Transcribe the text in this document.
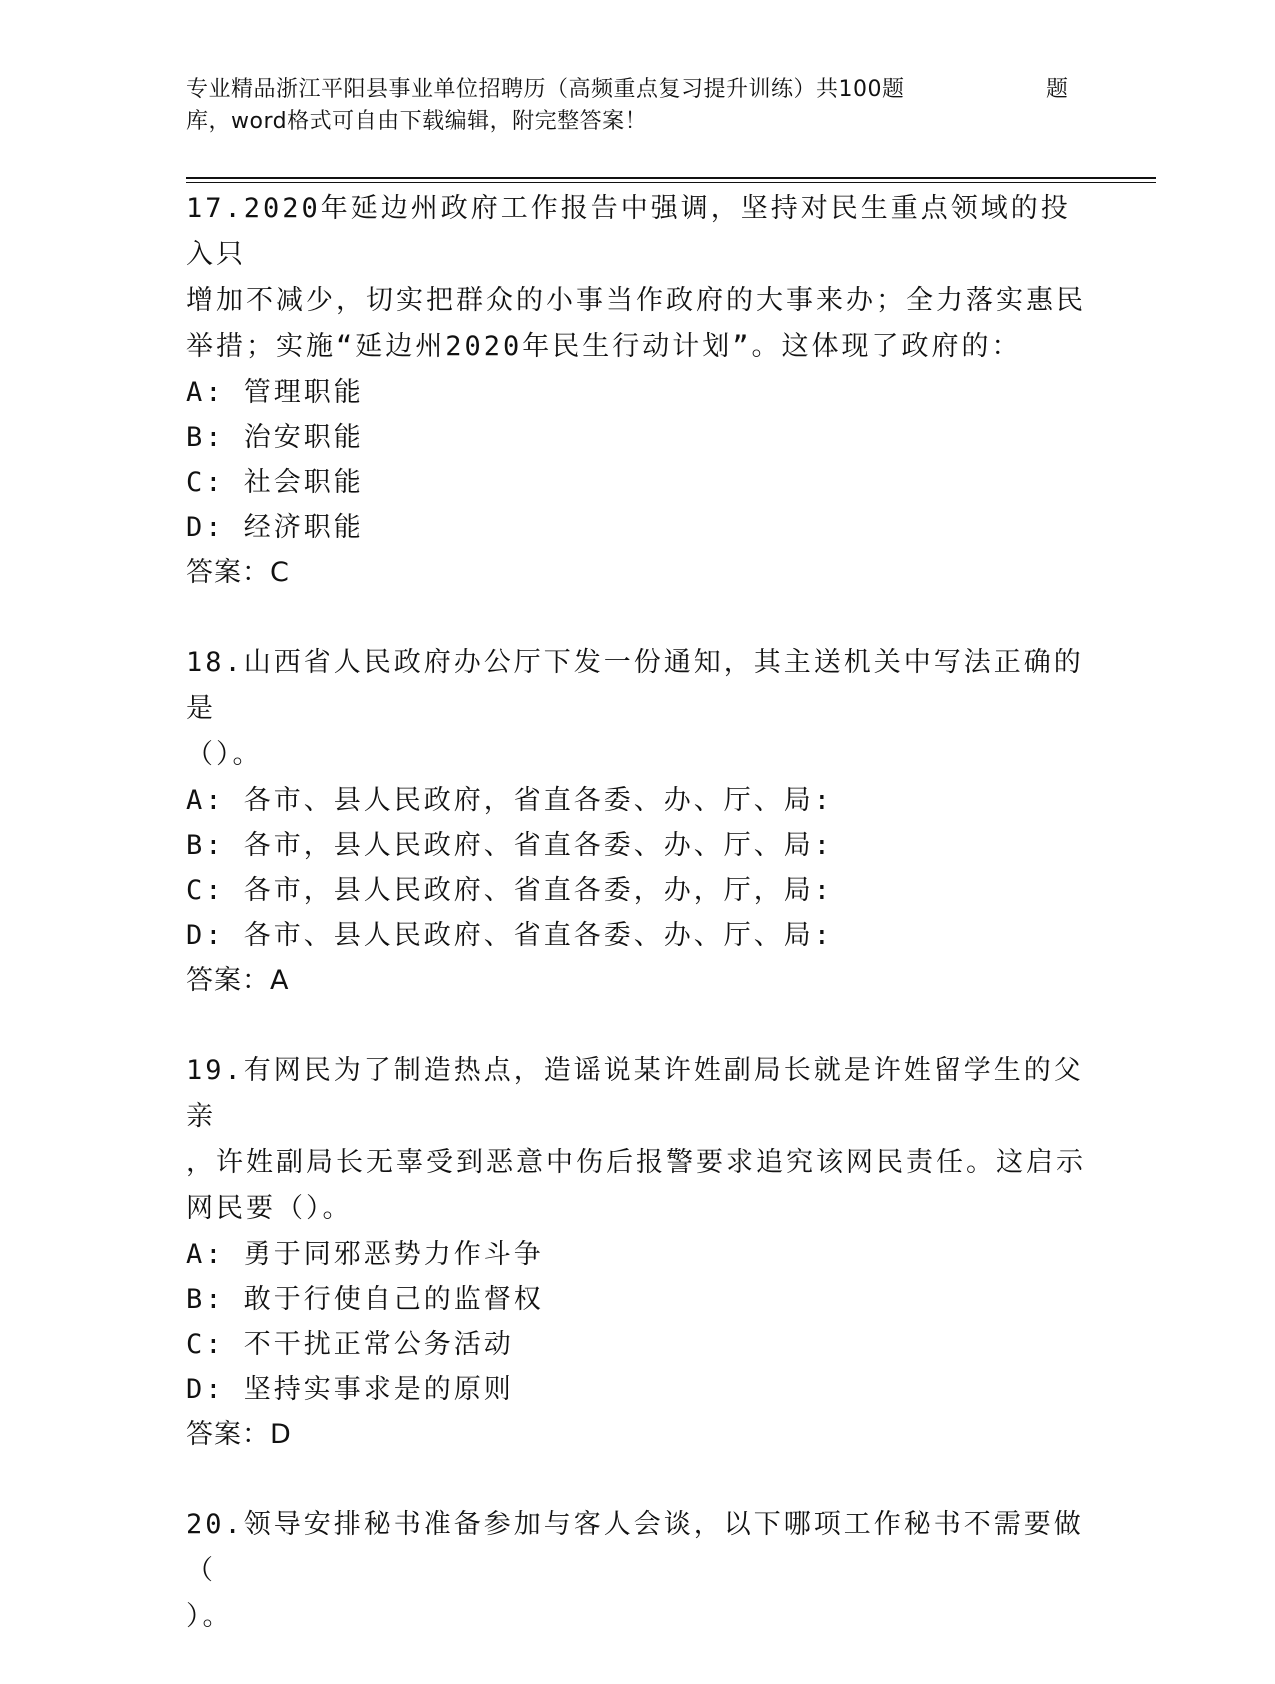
专业精品浙江平阳县事业单位招聘历（高频重点复习提升训练）共100题	题
库，word格式可自由下载编辑，附完整答案！
17.2020年延边州政府工作报告中强调，坚持对民生重点领域的投入只
增加不减少，切实把群众的小事当作政府的大事来办；全力落实惠民
举措；实施“延边州2020年民生行动计划”。这体现了政府的：
A: 管理职能
B: 治安职能
C: 社会职能
D: 经济职能
答案：C
18.山西省人民政府办公厅下发一份通知，其主送机关中写法正确的是
（）。
A: 各市、县人民政府，省直各委、办、厅、局:
B: 各市，县人民政府、省直各委、办、厅、局:
C: 各市，县人民政府、省直各委，办，厅，局:
D: 各市、县人民政府、省直各委、办、厅、局:
答案：A
19.有网民为了制造热点，造谣说某许姓副局长就是许姓留学生的父亲
，许姓副局长无辜受到恶意中伤后报警要求追究该网民责任。这启示
网民要（）。
A: 勇于同邪恶势力作斗争
B: 敢于行使自己的监督权
C: 不干扰正常公务活动
D: 坚持实事求是的原则
答案：D
20.领导安排秘书准备参加与客人会谈，以下哪项工作秘书不需要做（
）。
